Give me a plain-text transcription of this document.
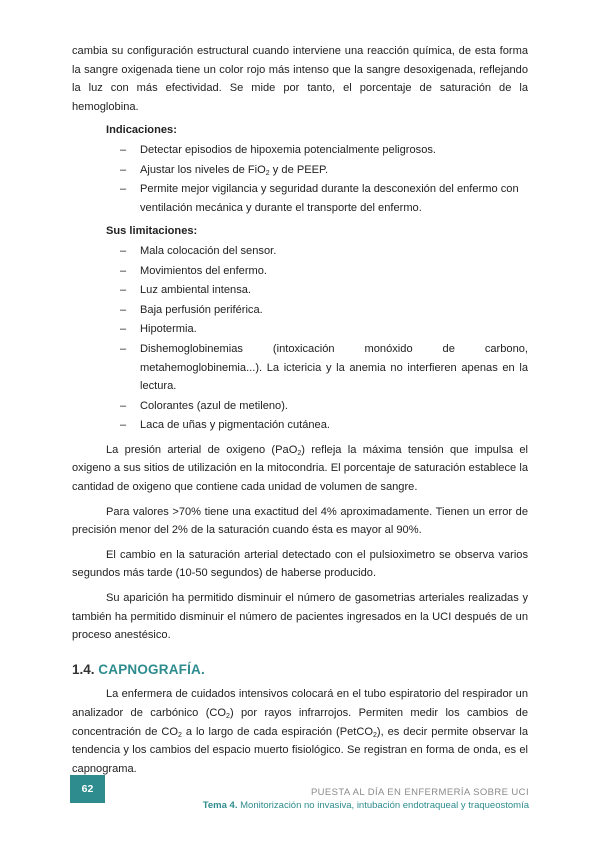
cambia su configuración estructural cuando interviene una reacción química, de esta forma la sangre oxigenada tiene un color rojo más intenso que la sangre desoxigenada, reflejando la luz con más efectividad. Se mide por tanto, el porcentaje de saturación de la hemoglobina.

Indicaciones:
– Detectar episodios de hipoxemia potencialmente peligrosos.
– Ajustar los niveles de FiO$_2$ y de PEEP.
– Permite mejor vigilancia y seguridad durante la desconexión del enfermo con ventilación mecánica y durante el transporte del enfermo.
Sus limitaciones:
– Mala colocación del sensor.
– Movimientos del enfermo.
– Luz ambiental intensa.
– Baja perfusión periférica.
– Hipotermia.
– Dishemoglobinemias (intoxicación monóxido de carbono, metahemoglobinemia...). La ictericia y la anemia no interfieren apenas en la lectura.
– Colorantes (azul de metileno).
– Laca de uñas y pigmentación cutánea.

La presión arterial de oxigeno (PaO$_2$) refleja la máxima tensión que impulsa el oxigeno a sus sitios de utilización en la mitocondria. El porcentaje de saturación establece la cantidad de oxigeno que contiene cada unidad de volumen de sangre.

Para valores >70% tiene una exactitud del 4% aproximadamente. Tienen un error de precisión menor del 2% de la saturación cuando ésta es mayor al 90%.

El cambio en la saturación arterial detectado con el pulsioximetro se observa varios segundos más tarde (10-50 segundos) de haberse producido.

Su aparición ha permitido disminuir el número de gasometrias arteriales realizadas y también ha permitido disminuir el número de pacientes ingresados en la UCI después de un proceso anestésico.

1.4. CAPNOGRAFÍA.

La enfermera de cuidados intensivos colocará en el tubo espiratorio del respirador un analizador de carbónico $(CO_2)$ por rayos infrarrojos. Permiten medir los cambios de concentración de $CO_2$ a lo largo de cada espiración (PetCO$_2$), es decir permite observar la tendencia y los cambios del espacio muerto fisiológico. Se registran en forma de onda, es el capnograma.

62	PUESTA AL DÍA EN ENFERMERÍA SOBRE UCI
Tema 4. Monitorización no invasiva, intubación endotraqueal y traqueostomía
